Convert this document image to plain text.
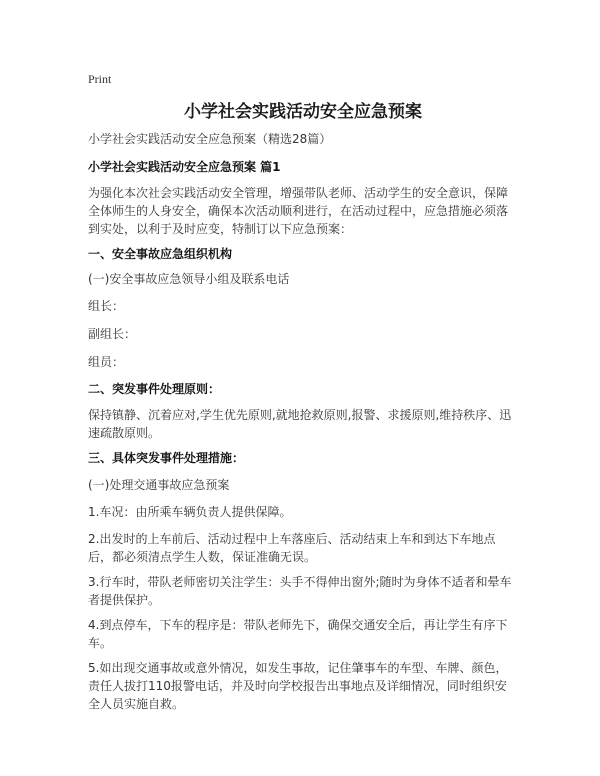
Print
小学社会实践活动安全应急预案

小学社会实践活动安全应急预案（精选28篇）

小学社会实践活动安全应急预案 篇1

为强化本次社会实践活动安全管理，增强带队老师、活动学生的安全意识，保障全体师生的人身安全，确保本次活动顺利进行，在活动过程中，应急措施必须落到实处，以利于及时应变，特制订以下应急预案：

一、安全事故应急组织机构

(一)安全事故应急领导小组及联系电话

组长：

副组长：

组员：

二、突发事件处理原则：

保持镇静、沉着应对,学生优先原则,就地抢救原则,报警、求援原则,维持秩序、迅速疏散原则。

三、具体突发事件处理措施：

(一)处理交通事故应急预案

1.车况：由所乘车辆负责人提供保障。

2.出发时的上车前后、活动过程中上车落座后、活动结束上车和到达下车地点后，都必须清点学生人数，保证准确无误。

3.行车时，带队老师密切关注学生：头手不得伸出窗外;随时为身体不适者和晕车者提供保护。

4.到点停车，下车的程序是：带队老师先下，确保交通安全后，再让学生有序下车。

5.如出现交通事故或意外情况，如发生事故，记住肇事车的车型、车牌、颜色，责任人拔打110报警电话，并及时向学校报告出事地点及详细情况，同时组织安全人员实施自救。
